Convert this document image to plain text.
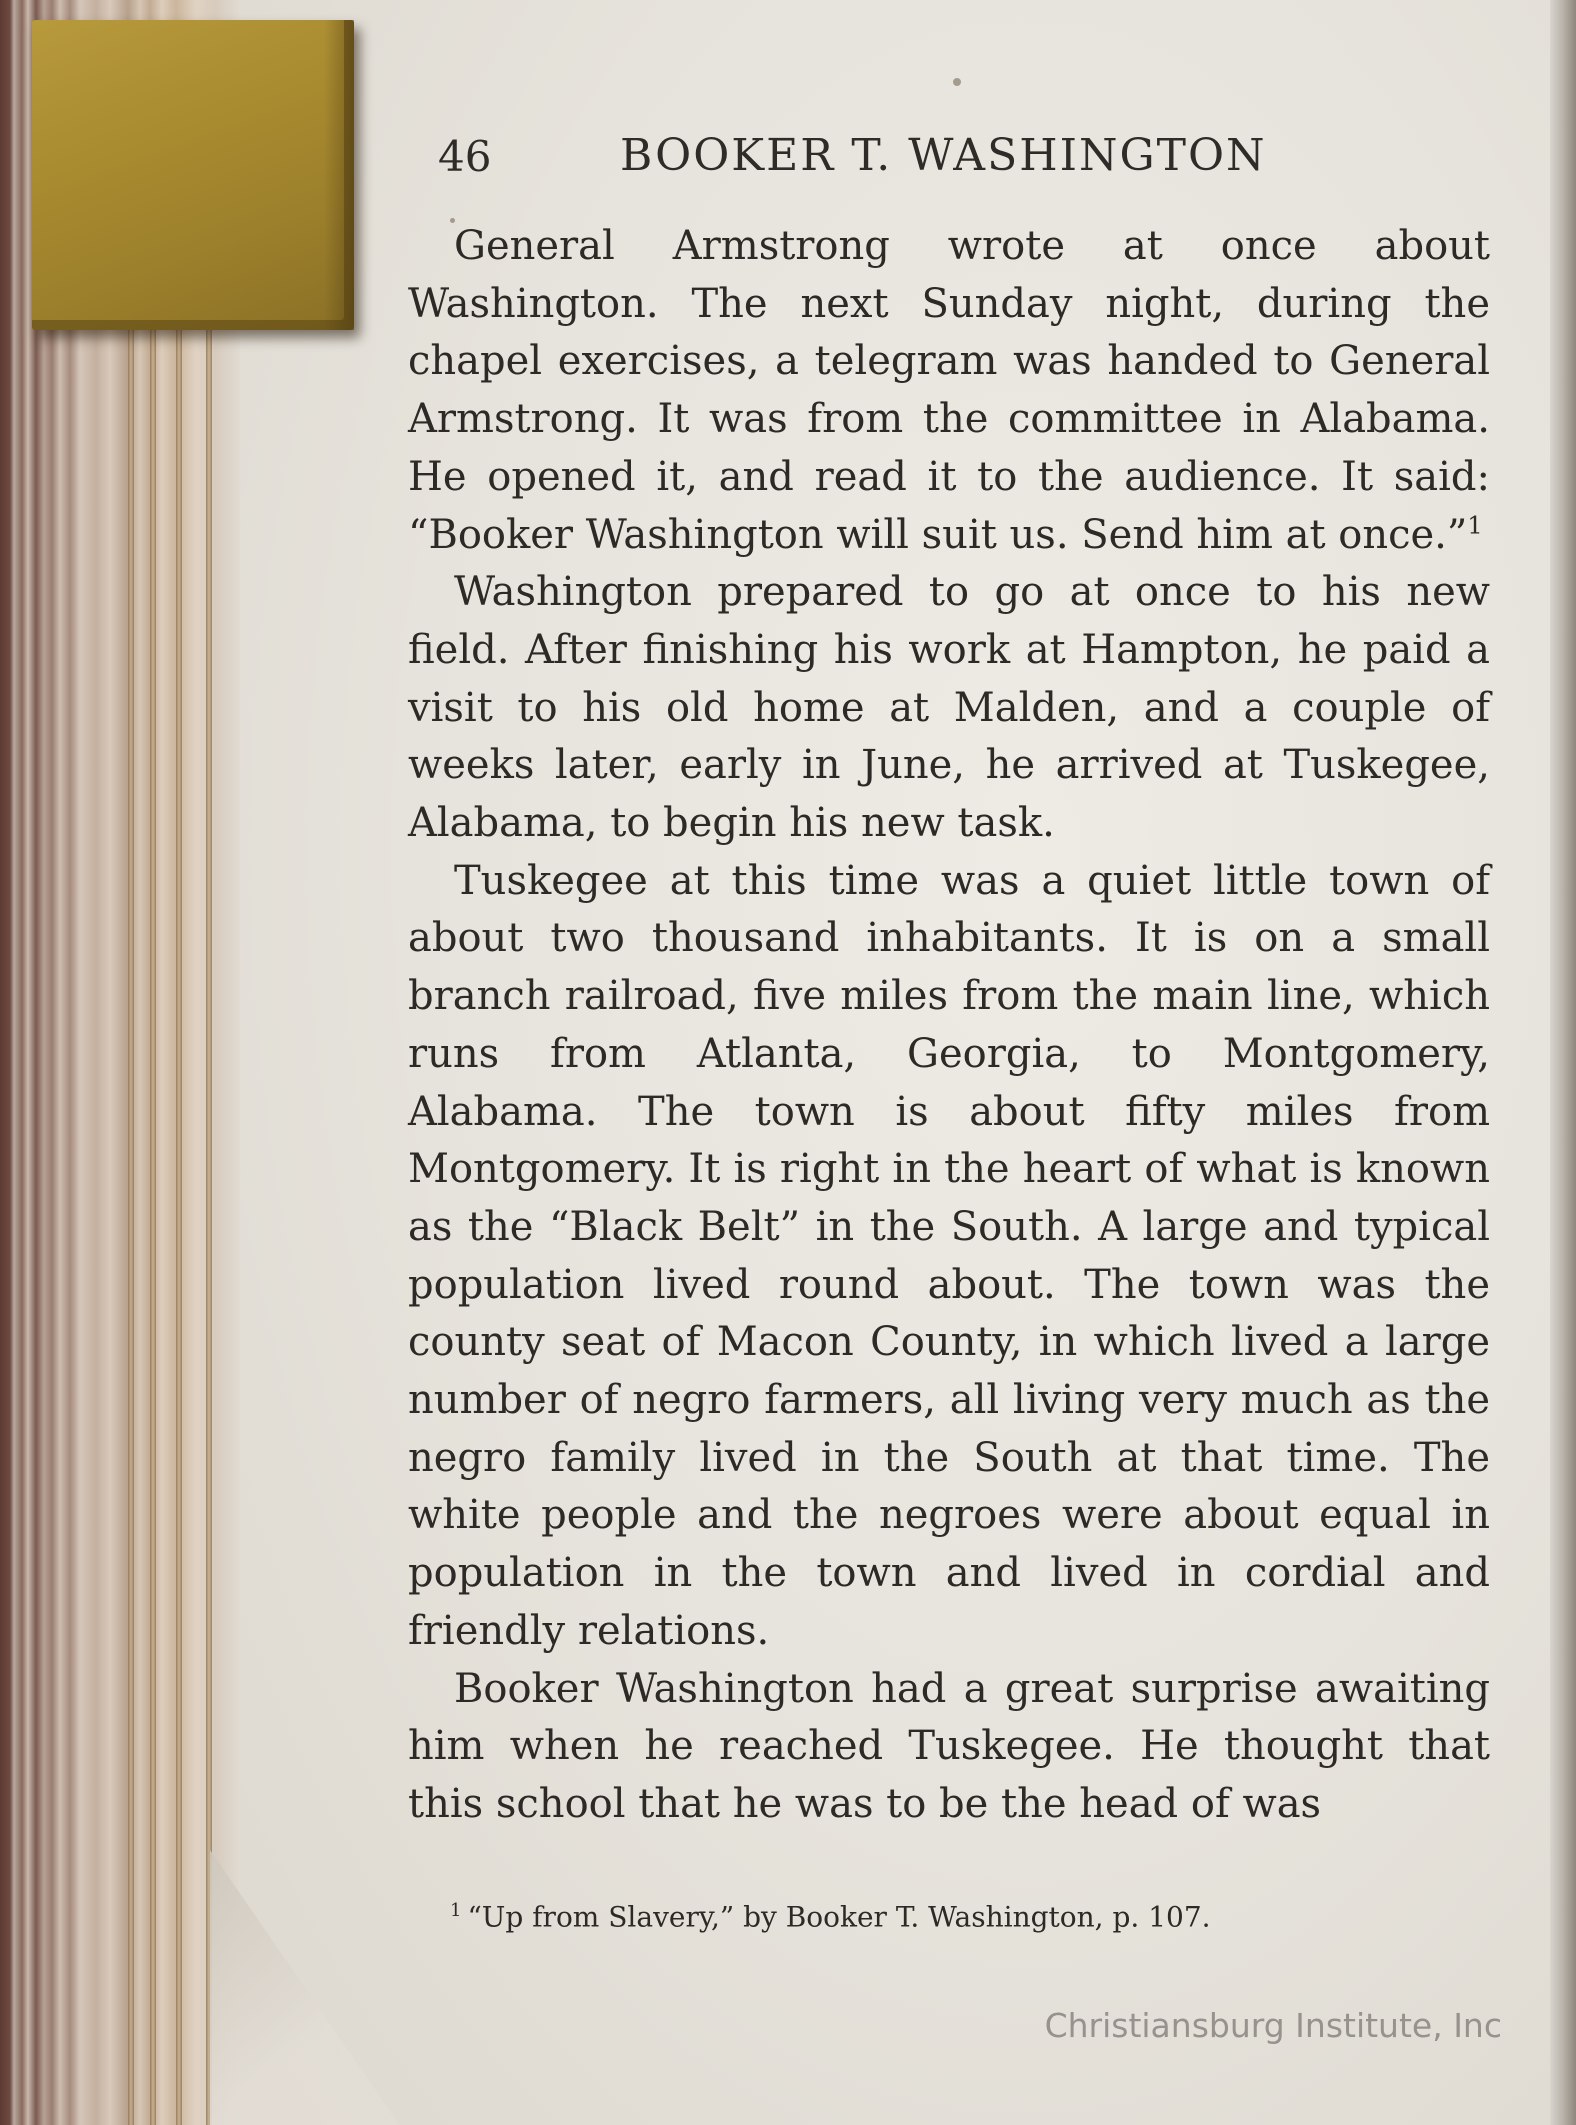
46	BOOKER T. WASHINGTON

General Armstrong wrote at once about Washington. The next Sunday night, during the chapel exercises, a telegram was handed to General Armstrong. It was from the committee in Alabama. He opened it, and read it to the audience. It said: “Booker Washington will suit us. Send him at once.”$^1$

Washington prepared to go at once to his new field. After finishing his work at Hampton, he paid a visit to his old home at Malden, and a couple of weeks later, early in June, he arrived at Tuskegee, Alabama, to begin his new task.

Tuskegee at this time was a quiet little town of about two thousand inhabitants. It is on a small branch railroad, five miles from the main line, which runs from Atlanta, Georgia, to Montgomery, Alabama. The town is about fifty miles from Montgomery. It is right in the heart of what is known as the “Black Belt” in the South. A large and typical population lived round about. The town was the county seat of Macon County, in which lived a large number of negro farmers, all living very much as the negro family lived in the South at that time. The white people and the negroes were about equal in population in the town and lived in cordial and friendly relations.

Booker Washington had a great surprise awaiting him when he reached Tuskegee. He thought that this school that he was to be the head of was

$^1$ “Up from Slavery,” by Booker T. Washington, p. 107.
Christiansburg Institute, Inc
